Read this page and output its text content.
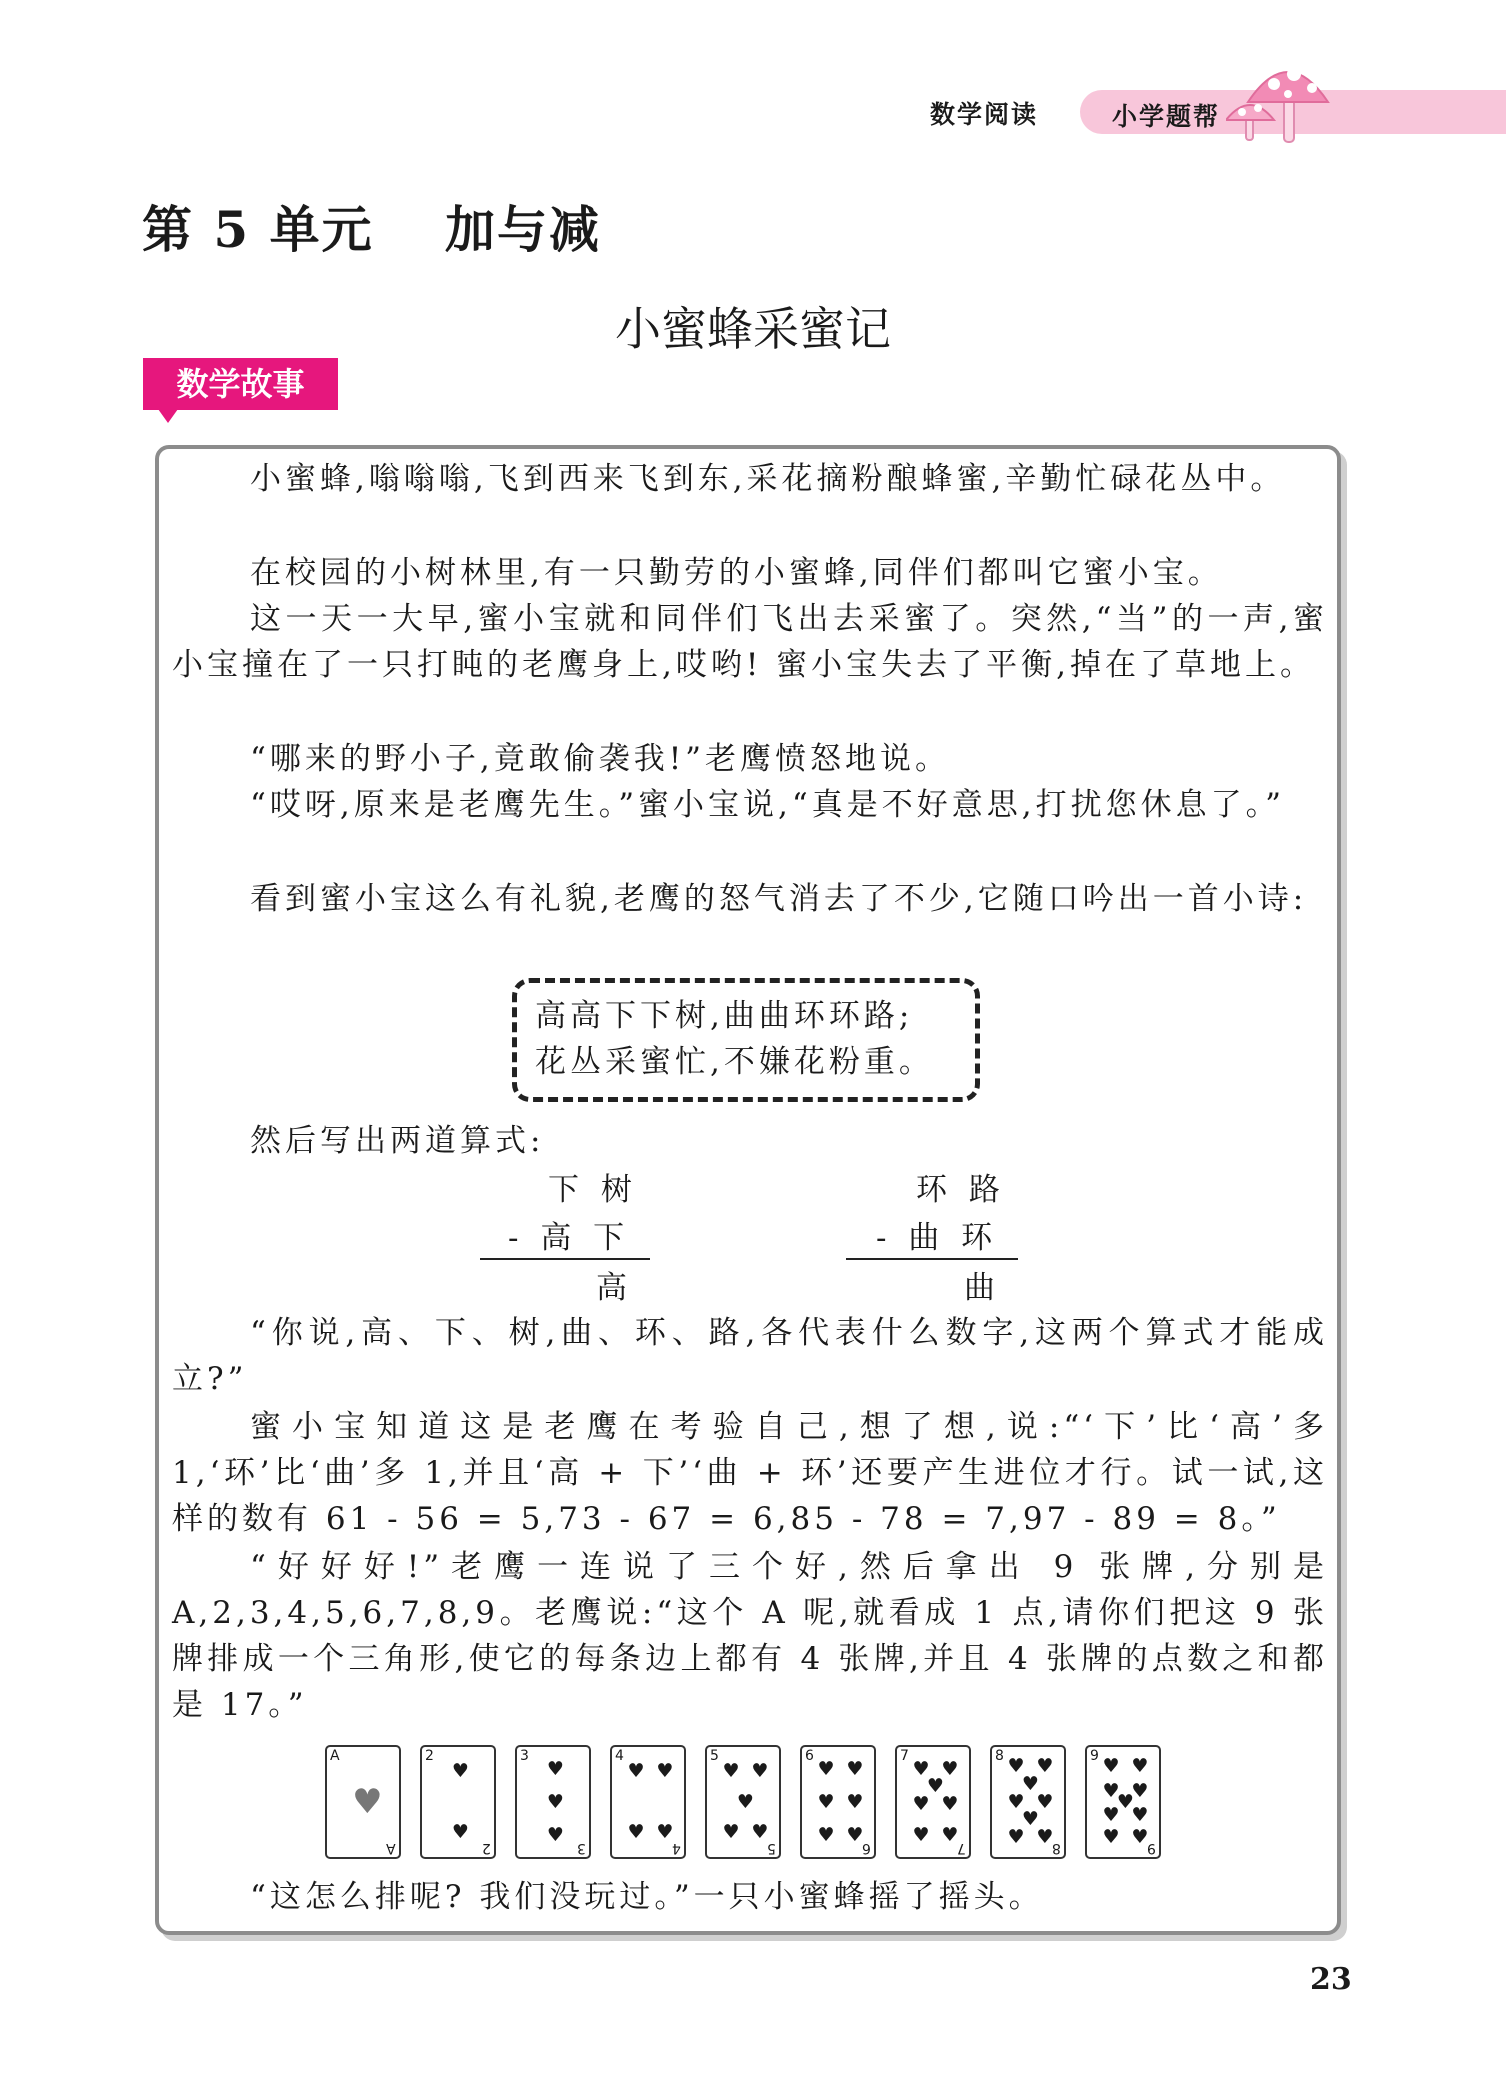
数学阅读	小学题帮
第 5 单元　 加与减
小蜜蜂采蜜记
数学故事

小蜜蜂,嗡嗡嗡,飞到西来飞到东,采花摘粉酿蜂蜜,辛勤忙碌花丛中。

在校园的小树林里,有一只勤劳的小蜜蜂,同伴们都叫它蜜小宝。

这一天一大早,蜜小宝就和同伴们飞出去采蜜了。突然,“当”的一声,蜜小宝撞在了一只打盹的老鹰身上,哎哟! 蜜小宝失去了平衡,掉在了草地上。

“哪来的野小子,竟敢偷袭我!”老鹰愤怒地说。

“哎呀,原来是老鹰先生。”蜜小宝说,“真是不好意思,打扰您休息了。”

看到蜜小宝这么有礼貌,老鹰的怒气消去了不少,它随口吟出一首小诗:

高高下下树,曲曲环环路;
花丛采蜜忙,不嫌花粉重。

然后写出两道算式:

下 树
- 高 下
高
环 路
- 曲 环
曲

“你说,高、下、树,曲、环、路,各代表什么数字,这两个算式才能成立?”

蜜小宝知道这是老鹰在考验自己,想了想,说:“‘下’比‘高’多 1,‘环’比‘曲’多 1,并且‘高 + 下’‘曲 + 环’还要产生进位才行。试一试,这样的数有 61 - 56 = 5,73 - 67 = 6,85 - 78 = 7,97 - 89 = 8。”

“好好好!”老鹰一连说了三个好,然后拿出 9 张牌,分别是 A,2,3,4,5,6,7,8,9。老鹰说:“这个 A 呢,就看成 1 点,请你们把这 9 张牌排成一个三角形,使它的每条边上都有 4 张牌,并且 4 张牌的点数之和都是 17。”

A
A
♥
2
2
♥
♥
3
3
♥
♥
♥
4
4
♥ ♥
♥ ♥
5
5
♥ ♥
♥
♥ ♥
6
6
♥ ♥
♥ ♥
♥ ♥
7
7
♥ ♥
♥
♥ ♥
♥ ♥
8
8
♥ ♥
♥
♥ ♥
♥
♥ ♥
9
9
♥ ♥
♥ ♥
♥
♥ ♥
♥ ♥

“这怎么排呢? 我们没玩过。”一只小蜜蜂摇了摇头。

23
